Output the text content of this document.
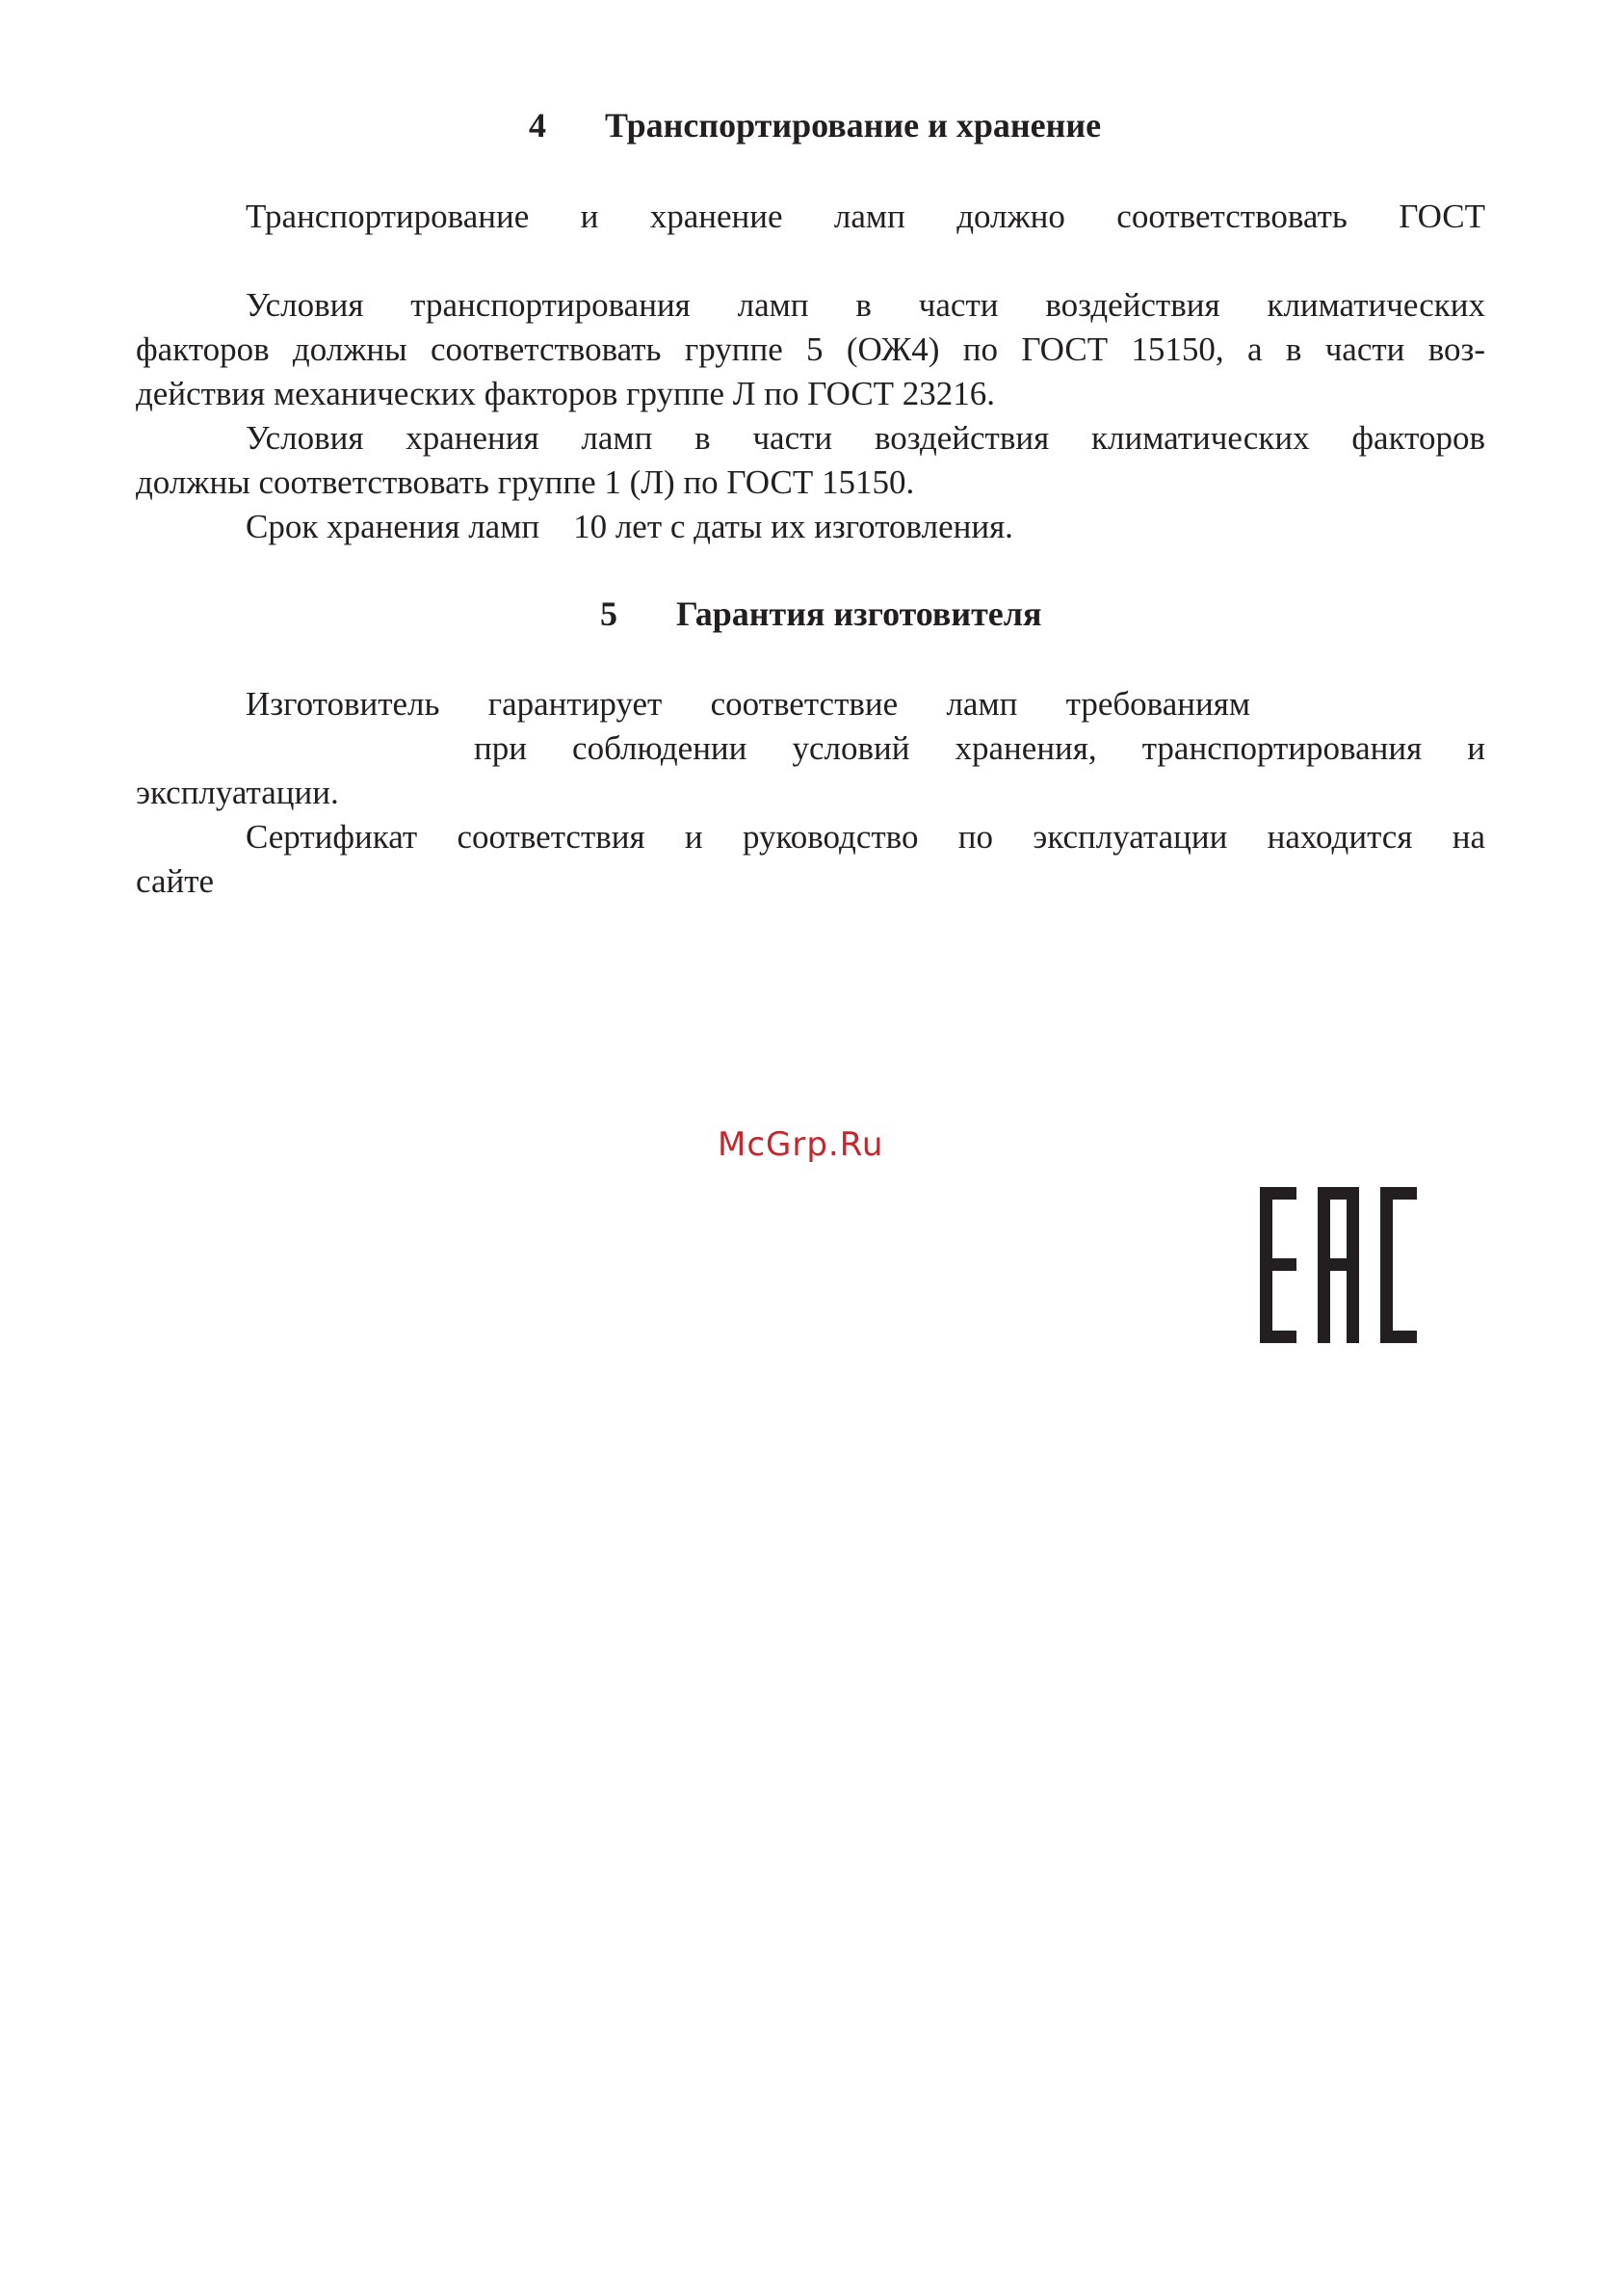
4 Транспортирование и хранение
Транспортирование и хранение ламп должно соответствовать ГОСТ
Условия транспортирования ламп в части воздействия климатических
факторов должны соответствовать группе 5 (ОЖ4) по ГОСТ 15150, а в части воз-
действия механических факторов группе Л по ГОСТ 23216.
Условия хранения ламп в части воздействия климатических факторов
должны соответствовать группе 1 (Л) по ГОСТ 15150.
Срок хранения ламп    10 лет с даты их изготовления.
5 Гарантия изготовителя
Изготовитель гарантирует соответствие ламп требованиям
при соблюдении условий хранения, транспортирования и
эксплуатации.
Сертификат соответствия и руководство по эксплуатации находится на
сайте
McGrp.Ru
